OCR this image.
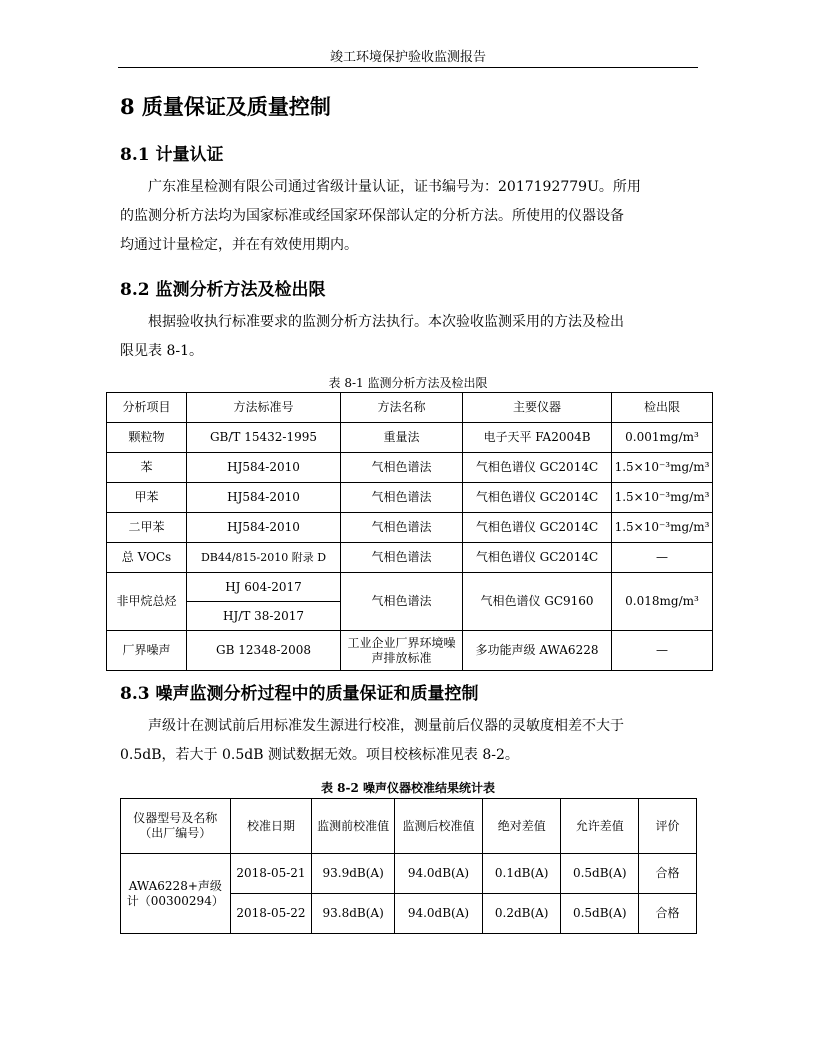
竣工环境保护验收监测报告
8 质量保证及质量控制
8.1 计量认证

广东准星检测有限公司通过省级计量认证，证书编号为：2017192779U。所用

的监测分析方法均为国家标准或经国家环保部认定的分析方法。所使用的仪器设备

均通过计量检定，并在有效使用期内。

8.2 监测分析方法及检出限

根据验收执行标准要求的监测分析方法执行。本次验收监测采用的方法及检出

限见表 8-1。

表 8-1 监测分析方法及检出限
分析项目	方法标准号	方法名称	主要仪器	检出限
颗粒物	GB/T 15432-1995	重量法	电子天平 FA2004B	0.001mg/m³
苯	HJ584-2010	气相色谱法	气相色谱仪 GC2014C	1.5×10⁻³mg/m³
甲苯	HJ584-2010	气相色谱法	气相色谱仪 GC2014C	1.5×10⁻³mg/m³
二甲苯	HJ584-2010	气相色谱法	气相色谱仪 GC2014C	1.5×10⁻³mg/m³
总 VOCs	DB44/815-2010 附录 D	气相色谱法	气相色谱仪 GC2014C	—
非甲烷总烃	HJ 604-2017	气相色谱法	气相色谱仪 GC9160	0.018mg/m³
	HJ/T 38-2017			
厂界噪声	GB 12348-2008	工业企业厂界环境噪声排放标准	多功能声级 AWA6228	—
8.3 噪声监测分析过程中的质量保证和质量控制

声级计在测试前后用标准发生源进行校准，测量前后仪器的灵敏度相差不大于

0.5dB，若大于 0.5dB 测试数据无效。项目校核标准见表 8-2。

表 8-2 噪声仪器校准结果统计表
仪器型号及名称（出厂编号）	校准日期	监测前校准值	监测后校准值	绝对差值	允许差值	评价
AWA6228+声级计（00300294）	2018-05-21	93.9dB(A)	94.0dB(A)	0.1dB(A)	0.5dB(A)	合格
	2018-05-22	93.8dB(A)	94.0dB(A)	0.2dB(A)	0.5dB(A)	合格
